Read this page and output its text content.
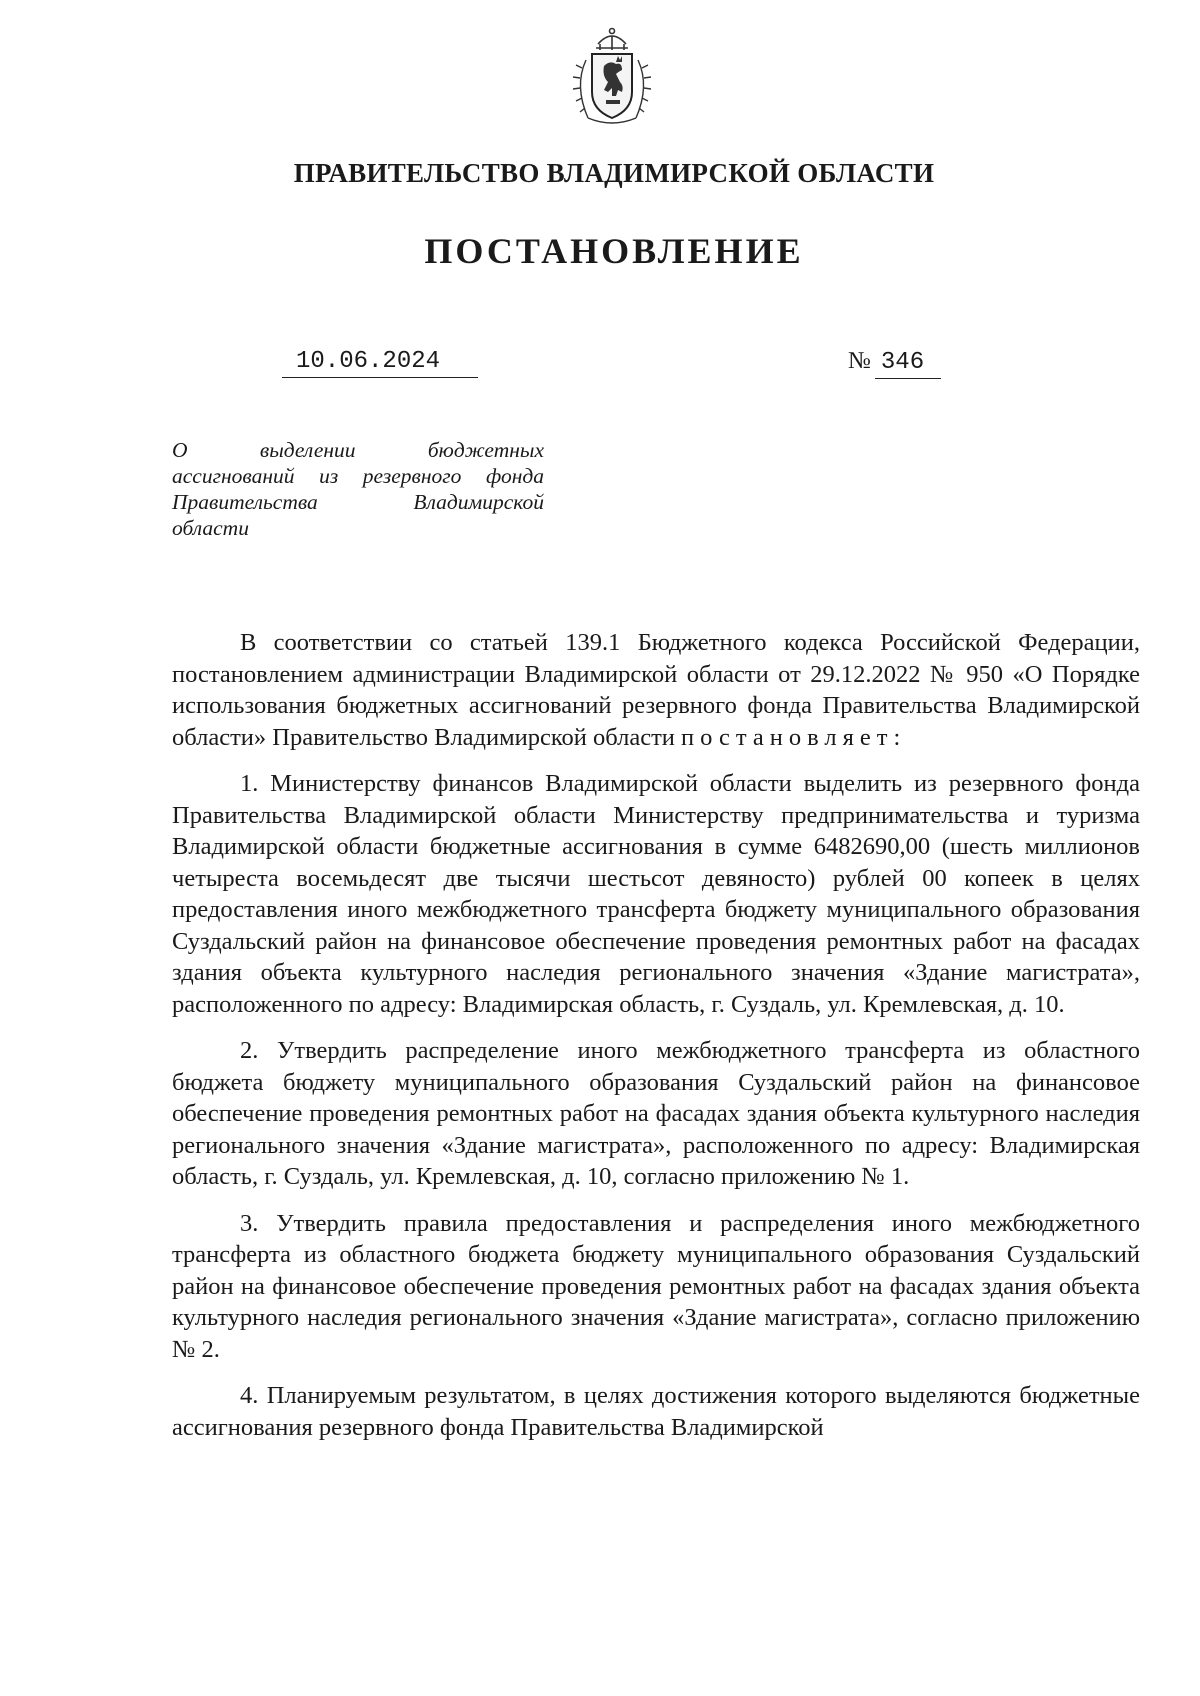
ПРАВИТЕЛЬСТВО ВЛАДИМИРСКОЙ ОБЛАСТИ
ПОСТАНОВЛЕНИЕ
10.06.2024	№ 346
О выделении бюджетных
ассигнований из резервного фонда
Правительства Владимирской
области

В соответствии со статьей 139.1 Бюджетного кодекса Российской Федерации, постановлением администрации Владимирской области от 29.12.2022 № 950 «О Порядке использования бюджетных ассигнований резервного фонда Правительства Владимирской области» Правительство Владимирской области постановляет:

1. Министерству финансов Владимирской области выделить из резервного фонда Правительства Владимирской области Министерству предпринимательства и туризма Владимирской области бюджетные ассигнования в сумме 6482690,00 (шесть миллионов четыреста восемьдесят две тысячи шестьсот девяносто) рублей 00 копеек в целях предоставления иного межбюджетного трансферта бюджету муниципального образования Суздальский район на финансовое обеспечение проведения ремонтных работ на фасадах здания объекта культурного наследия регионального значения «Здание магистрата», расположенного по адресу: Владимирская область, г. Суздаль, ул. Кремлевская, д. 10.

2. Утвердить распределение иного межбюджетного трансферта из областного бюджета бюджету муниципального образования Суздальский район на финансовое обеспечение проведения ремонтных работ на фасадах здания объекта культурного наследия регионального значения «Здание магистрата», расположенного по адресу: Владимирская область, г. Суздаль, ул. Кремлевская, д. 10, согласно приложению № 1.

3. Утвердить правила предоставления и распределения иного межбюджетного трансферта из областного бюджета бюджету муниципального образования Суздальский район на финансовое обеспечение проведения ремонтных работ на фасадах здания объекта культурного наследия регионального значения «Здание магистрата», согласно приложению № 2.

4. Планируемым результатом, в целях достижения которого выделяются бюджетные ассигнования резервного фонда Правительства Владимирской
